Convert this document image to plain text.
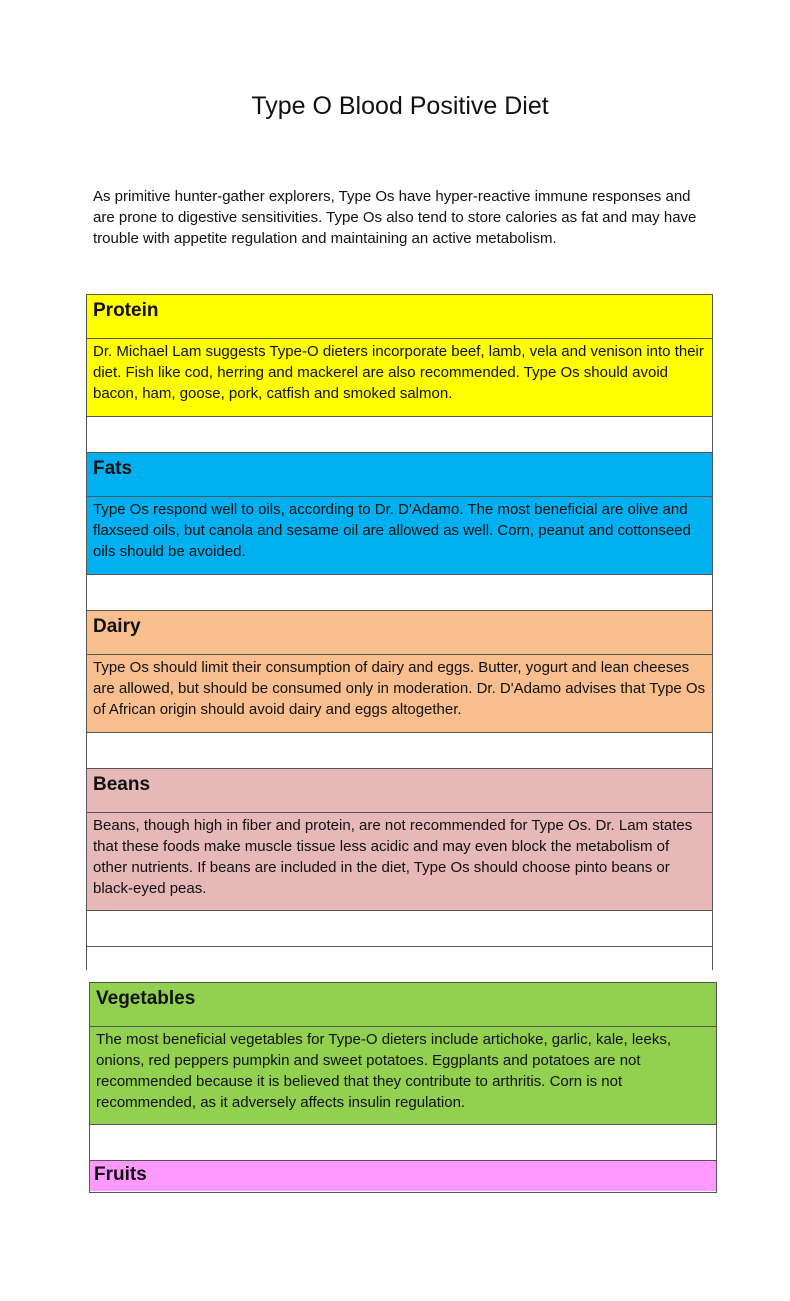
Type O Blood Positive Diet
As primitive hunter-gather explorers, Type Os have hyper-reactive immune responses and are prone to digestive sensitivities. Type Os also tend to store calories as fat and may have trouble with appetite regulation and maintaining an active metabolism.
Protein
Dr. Michael Lam suggests Type-O dieters incorporate beef, lamb, vela and venison into their diet. Fish like cod, herring and mackerel are also recommended. Type Os should avoid bacon, ham, goose, pork, catfish and smoked salmon.
Fats
Type Os respond well to oils, according to Dr. D'Adamo. The most beneficial are olive and flaxseed oils, but canola and sesame oil are allowed as well. Corn, peanut and cottonseed oils should be avoided.
Dairy
Type Os should limit their consumption of dairy and eggs. Butter, yogurt and lean cheeses are allowed, but should be consumed only in moderation. Dr. D'Adamo advises that Type Os of African origin should avoid dairy and eggs altogether.
Beans
Beans, though high in fiber and protein, are not recommended for Type Os. Dr. Lam states that these foods make muscle tissue less acidic and may even block the metabolism of other nutrients. If beans are included in the diet, Type Os should choose pinto beans or black-eyed peas.
Vegetables
The most beneficial vegetables for Type-O dieters include artichoke, garlic, kale, leeks, onions, red peppers pumpkin and sweet potatoes. Eggplants and potatoes are not recommended because it is believed that they contribute to arthritis. Corn is not recommended, as it adversely affects insulin regulation.
Fruits
